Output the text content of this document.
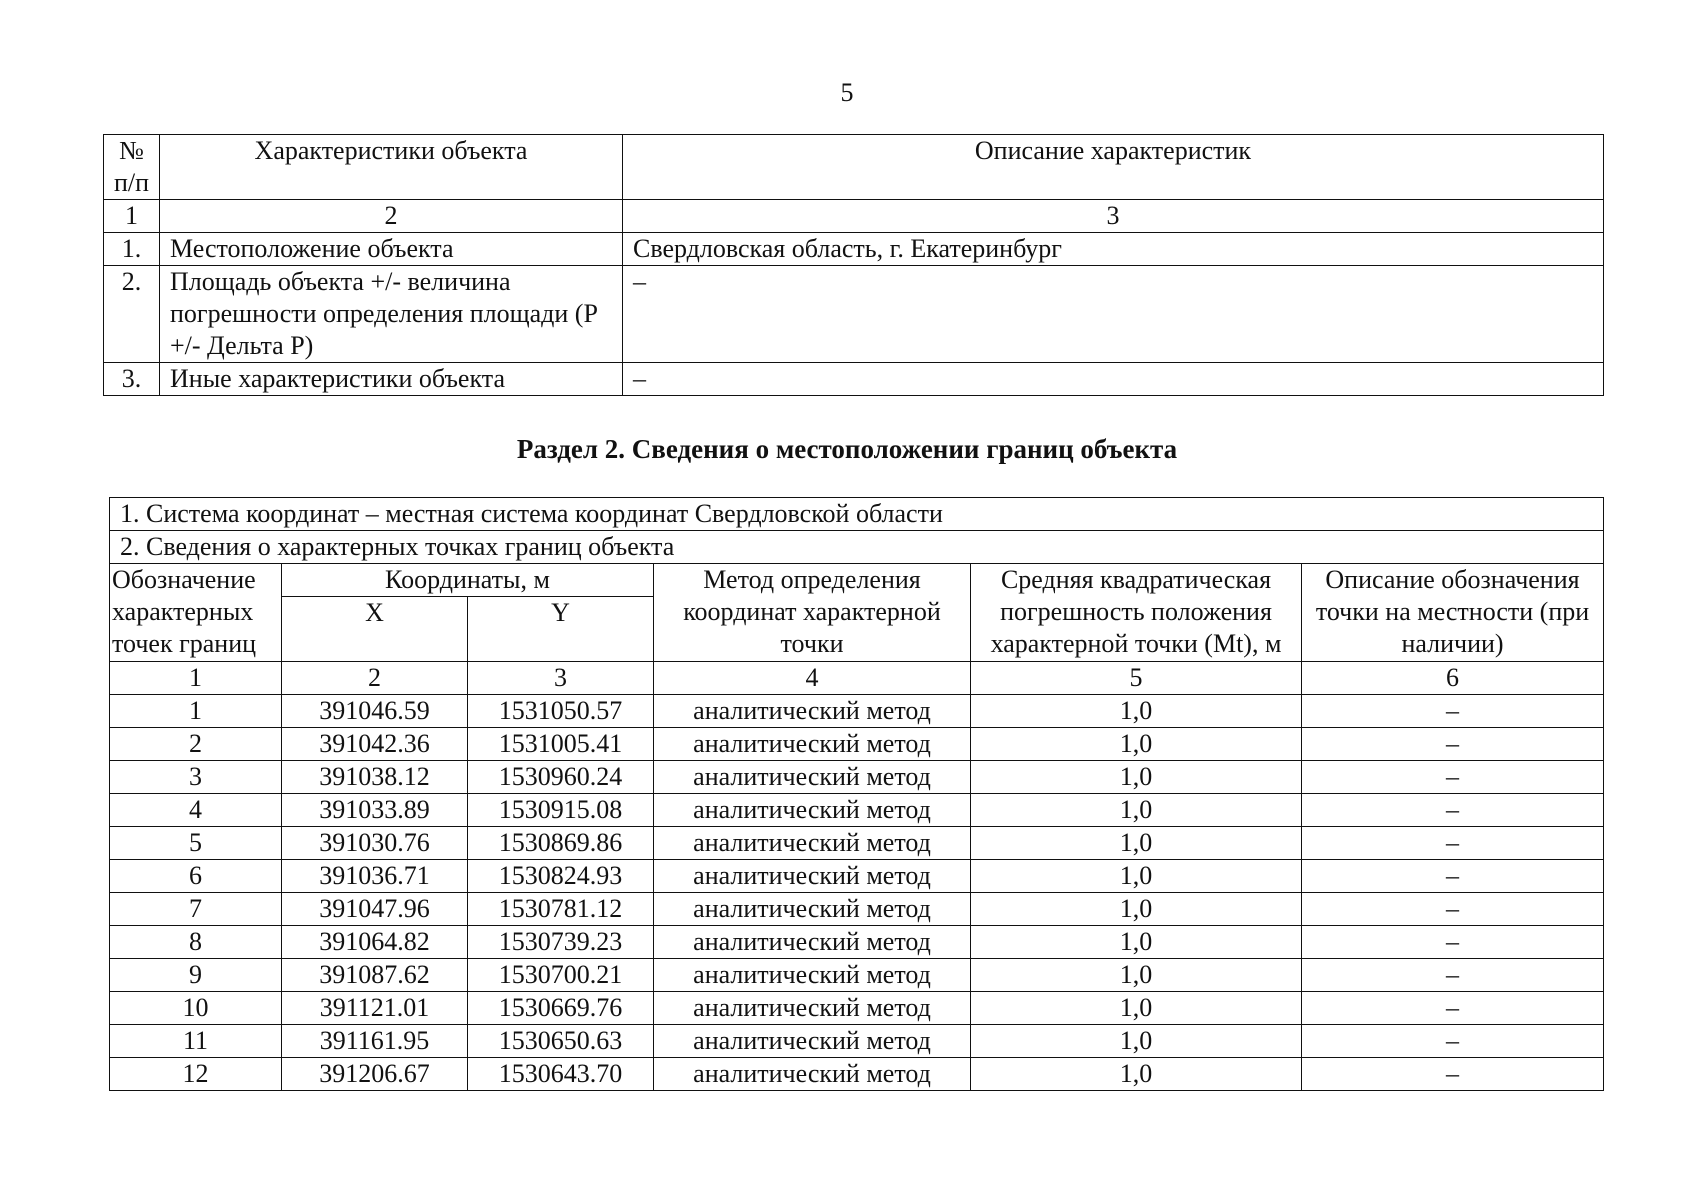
5
№ п/п	Характеристики объекта	Описание характеристик
1	2	3
1.	Местоположение объекта	Свердловская область, г. Екатеринбург
2.	Площадь объекта +/- величина погрешности определения площади (P +/- Дельта P)	–
3.	Иные характеристики объекта	–
Раздел 2. Сведения о местоположении границ объекта
1. Система координат – местная система координат Свердловской области					
2. Сведения о характерных точках границ объекта					
Обозначение характерных точек границ	Координаты, м		Метод определения координат характерной точки	Средняя квадратическая погрешность положения характерной точки (Mt), м	Описание обозначения точки на местности (при наличии)
	X	Y			
1	2	3	4	5	6
1	391046.59	1531050.57	аналитический метод	1,0	–
2	391042.36	1531005.41	аналитический метод	1,0	–
3	391038.12	1530960.24	аналитический метод	1,0	–
4	391033.89	1530915.08	аналитический метод	1,0	–
5	391030.76	1530869.86	аналитический метод	1,0	–
6	391036.71	1530824.93	аналитический метод	1,0	–
7	391047.96	1530781.12	аналитический метод	1,0	–
8	391064.82	1530739.23	аналитический метод	1,0	–
9	391087.62	1530700.21	аналитический метод	1,0	–
10	391121.01	1530669.76	аналитический метод	1,0	–
11	391161.95	1530650.63	аналитический метод	1,0	–
12	391206.67	1530643.70	аналитический метод	1,0	–
